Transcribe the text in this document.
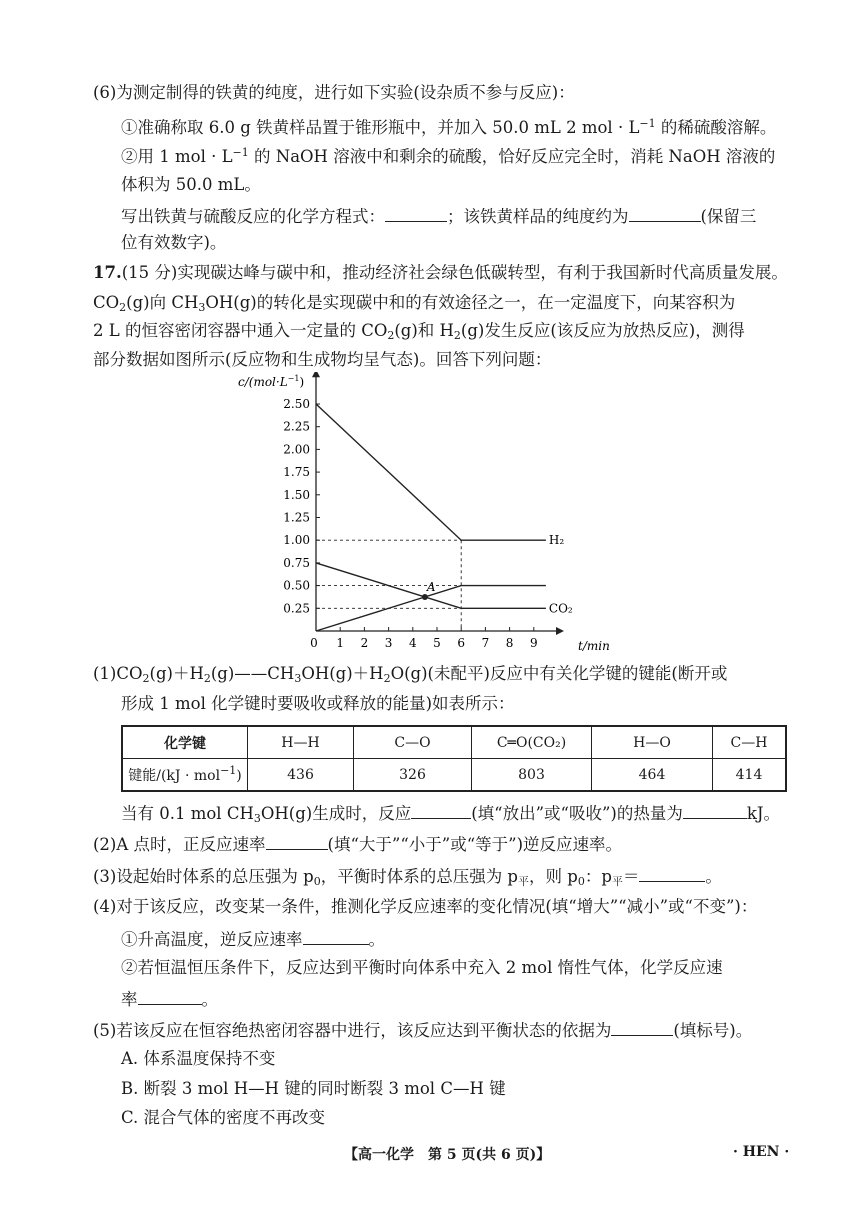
(6)为测定制得的铁黄的纯度，进行如下实验(设杂质不参与反应)：
①准确称取 6.0 g 铁黄样品置于锥形瓶中，并加入 50.0 mL 2 mol · $L^{-1}$ 的稀硫酸溶解。
②用 1 mol · $L^{-1}$ 的 NaOH 溶液中和剩余的硫酸，恰好反应完全时，消耗 NaOH 溶液的
体积为 50.0 mL。
写出铁黄与硫酸反应的化学方程式：	；该铁黄样品的纯度约为	(保留三
位有效数字)。
17.(15 分)实现碳达峰与碳中和，推动经济社会绿色低碳转型，有利于我国新时代高质量发展。
$CO_2(g)$向 $CH_3OH(g)$的转化是实现碳中和的有效途径之一，在一定温度下，向某容积为
2 L 的恒容密闭容器中通入一定量的 $CO_2(g)$和 $H_2(g)$发生反应(该反应为放热反应)，测得
部分数据如图所示(反应物和生成物均呈气态)。回答下列问题：
$c/(mol\cdot L^{-1})$
0.25
0.50
0.75
1.00
1.25
1.50
1.75
2.00
2.25
2.50
0 1 2 3 4 5 6 7 8 9
H₂
CO₂
A
t/min
$(1)CO_2(g)+H_2(g)——CH_3OH(g)+H_2O(g)$(未配平)反应中有关化学键的键能(断开或
形成 1 mol 化学键时要吸收或释放的能量)如表所示：
化学键	H—H	C—O	C═O(CO₂)	H—O	C—H
键能/(kJ · mol$^{-1}$)	436	326	803	464	414
当有 0.1 mol $CH_3OH(g)$生成时，反应	(填“放出”或“吸收”)的热量为	kJ。
(2)A 点时，正反应速率	(填“大于”“小于”或“等于”)逆反应速率。
(3)设起始时体系的总压强为 $p_0$，平衡时体系的总压强为 $p_平$，则 $p_0$：$p_平=$	。
(4)对于该反应，改变某一条件，推测化学反应速率的变化情况(填“增大”“减小”或“不变”)：
①升高温度，逆反应速率	。
②若恒温恒压条件下，反应达到平衡时向体系中充入 2 mol 惰性气体，化学反应速
率	。
(5)若该反应在恒容绝热密闭容器中进行，该反应达到平衡状态的依据为	(填标号)。
A. 体系温度保持不变
B. 断裂 3 mol H—H 键的同时断裂 3 mol C—H 键
C. 混合气体的密度不再改变
【高一化学　第 5 页(共 6 页)】	· HEN ·
